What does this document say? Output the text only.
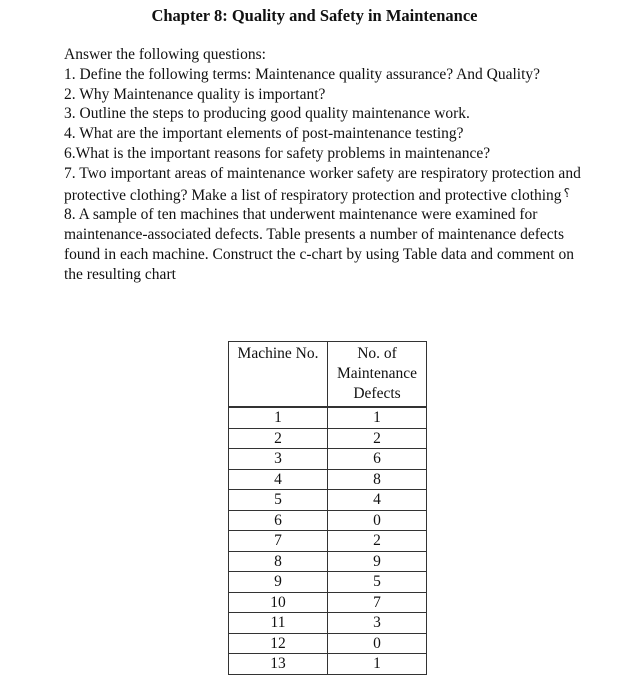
Chapter 8: Quality and Safety in Maintenance

Answer the following questions:

1. Define the following terms: Maintenance quality assurance? And Quality?

2. Why Maintenance quality is important?

3. Outline the steps to producing good quality maintenance work.

4. What are the important elements of post-maintenance testing?

6.What is the important reasons for safety problems in maintenance?

7. Two important areas of maintenance worker safety are respiratory protection and protective clothing? Make a list of respiratory protection and protective clothing ؟

8. A sample of ten machines that underwent maintenance were examined for maintenance-associated defects. Table presents a number of maintenance defects found in each machine. Construct the c-chart by using Table data and comment on the resulting chart

Machine No.	No. of Maintenance Defects
1	1
2	2
3	6
4	8
5	4
6	0
7	2
8	9
9	5
10	7
11	3
12	0
13	1
